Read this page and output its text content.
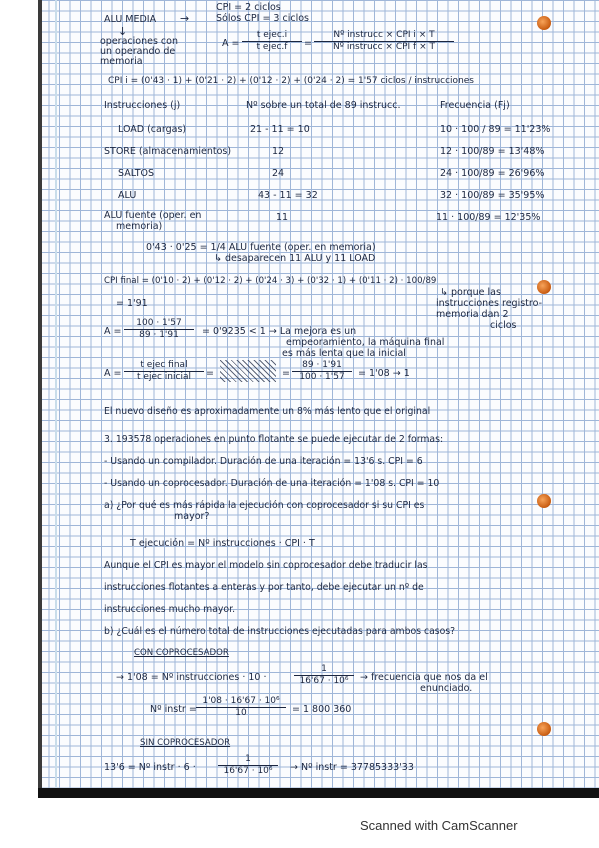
CPI = 2 ciclos
Sólos CPI = 3 ciclos
ALU MEDIA →
↓
operaciones con
un operando de
memoria
A =
t ejec.i
t ejec.f	=
Nº instrucc × CPI i × T
Nº instrucc × CPI f × T
CPI i = (0'43 · 1) + (0'21 · 2) + (0'12 · 2) + (0'24 · 2) = 1'57 ciclos / instrucciones
Instrucciones (j)	Nº sobre un total de 89 instrucc.	Frecuencia (Fj)
LOAD (cargas)	21 - 11 = 10	10 · 100 / 89 = 11'23%
STORE (almacenamientos)	12	12 · 100/89 = 13'48%
SALTOS	24	24 · 100/89 = 26'96%
ALU	43 - 11 = 32	32 · 100/89 = 35'95%
ALU fuente (oper. en
memoria)
11	11 · 100/89 = 12'35%
0'43 · 0'25 = 1/4 ALU fuente (oper. en memoria)
↳ desaparecen 11 ALU y 11 LOAD
CPI final = (0'10 · 2) + (0'12 · 2) + (0'24 · 3) + (0'32 · 1) + (0'11 · 2) · 100/89
↳ porque las
instrucciones registro-
memoria dan 2
ciclos
= 1'91
$A = \frac{100 \cdot 1'57}{89 \cdot 1'91} = 0'9235 < 1 \to La$ mejora es un
empeoramiento, la máquina final
es más lenta que la inicial
A =
t ejec final
t ejec inicial	=	= $\frac{89 \cdot 1'91}{100 \cdot 1'57} = 1'08 \to 1$
El nuevo diseño es aproximadamente un 8% más lento que el original
3. 193578 operaciones en punto flotante se puede ejecutar de 2 formas:
- Usando un compilador. Duración de una iteración = 13'6 s. CPI = 6
- Usando un coprocesador. Duración de una iteración = 1'08 s. CPI = 10
a) ¿Por qué es más rápida la ejecución con coprocesador si su CPI es
mayor?
T ejecución = Nº instrucciones · CPI · T
Aunque el CPI es mayor el modelo sin coprocesador debe traducir las
instrucciones flotantes a enteras y por tanto, debe ejecutar un nº de
instrucciones mucho mayor.
b) ¿Cuál es el número total de instrucciones ejecutadas para ambos casos?
CON COPROCESADOR
→ 1'08 = Nº instrucciones · 10 ·	$\frac{1}{\text{16'67 · 10⁶}}$ → frecuencia que nos da el
enunciado.
Nº instr = $\frac{\text{1'08 · 16'67 · 10⁶}}{10} = 1$ 800 360
SIN COPROCESADOR
13'6 = Nº instr · $6 \cdot \frac{1}{\text{16'67 · 10⁶}}$ → Nº instr = 37785333'33
Scanned with CamScanner
